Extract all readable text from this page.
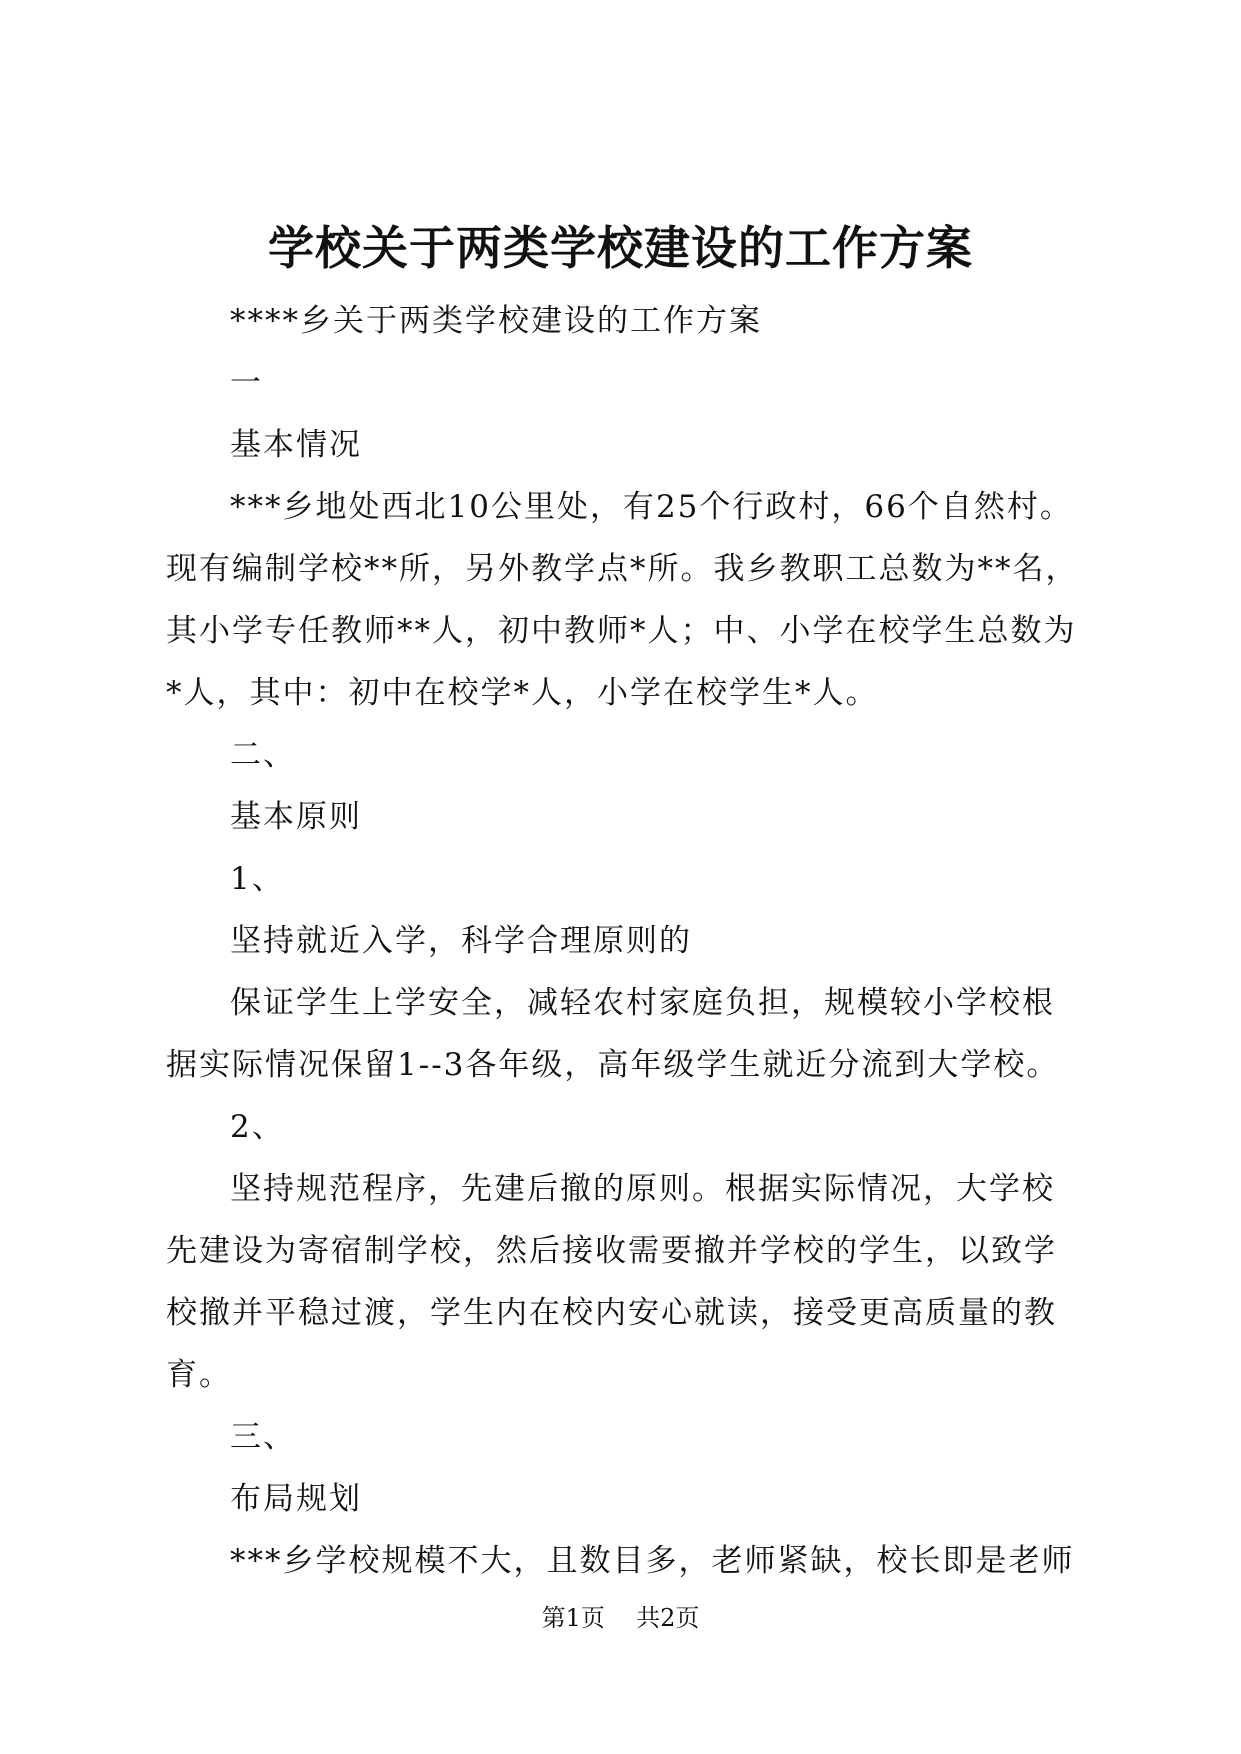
学校关于两类学校建设的工作方案

****乡关于两类学校建设的工作方案

一

基本情况

***乡地处西北10公里处，有25个行政村，66个自然村。现有编制学校**所，另外教学点*所。我乡教职工总数为**名，其小学专任教师**人，初中教师*人；中、小学在校学生总数为*人，其中：初中在校学*人，小学在校学生*人。

二、

基本原则

1、

坚持就近入学，科学合理原则的

保证学生上学安全，减轻农村家庭负担，规模较小学校根据实际情况保留1--3各年级，高年级学生就近分流到大学校。

2、

坚持规范程序，先建后撤的原则。根据实际情况，大学校先建设为寄宿制学校，然后接收需要撤并学校的学生，以致学校撤并平稳过渡，学生内在校内安心就读，接受更高质量的教育。

三、

布局规划

***乡学校规模不大，且数目多，老师紧缺，校长即是老师

第1页 共2页
